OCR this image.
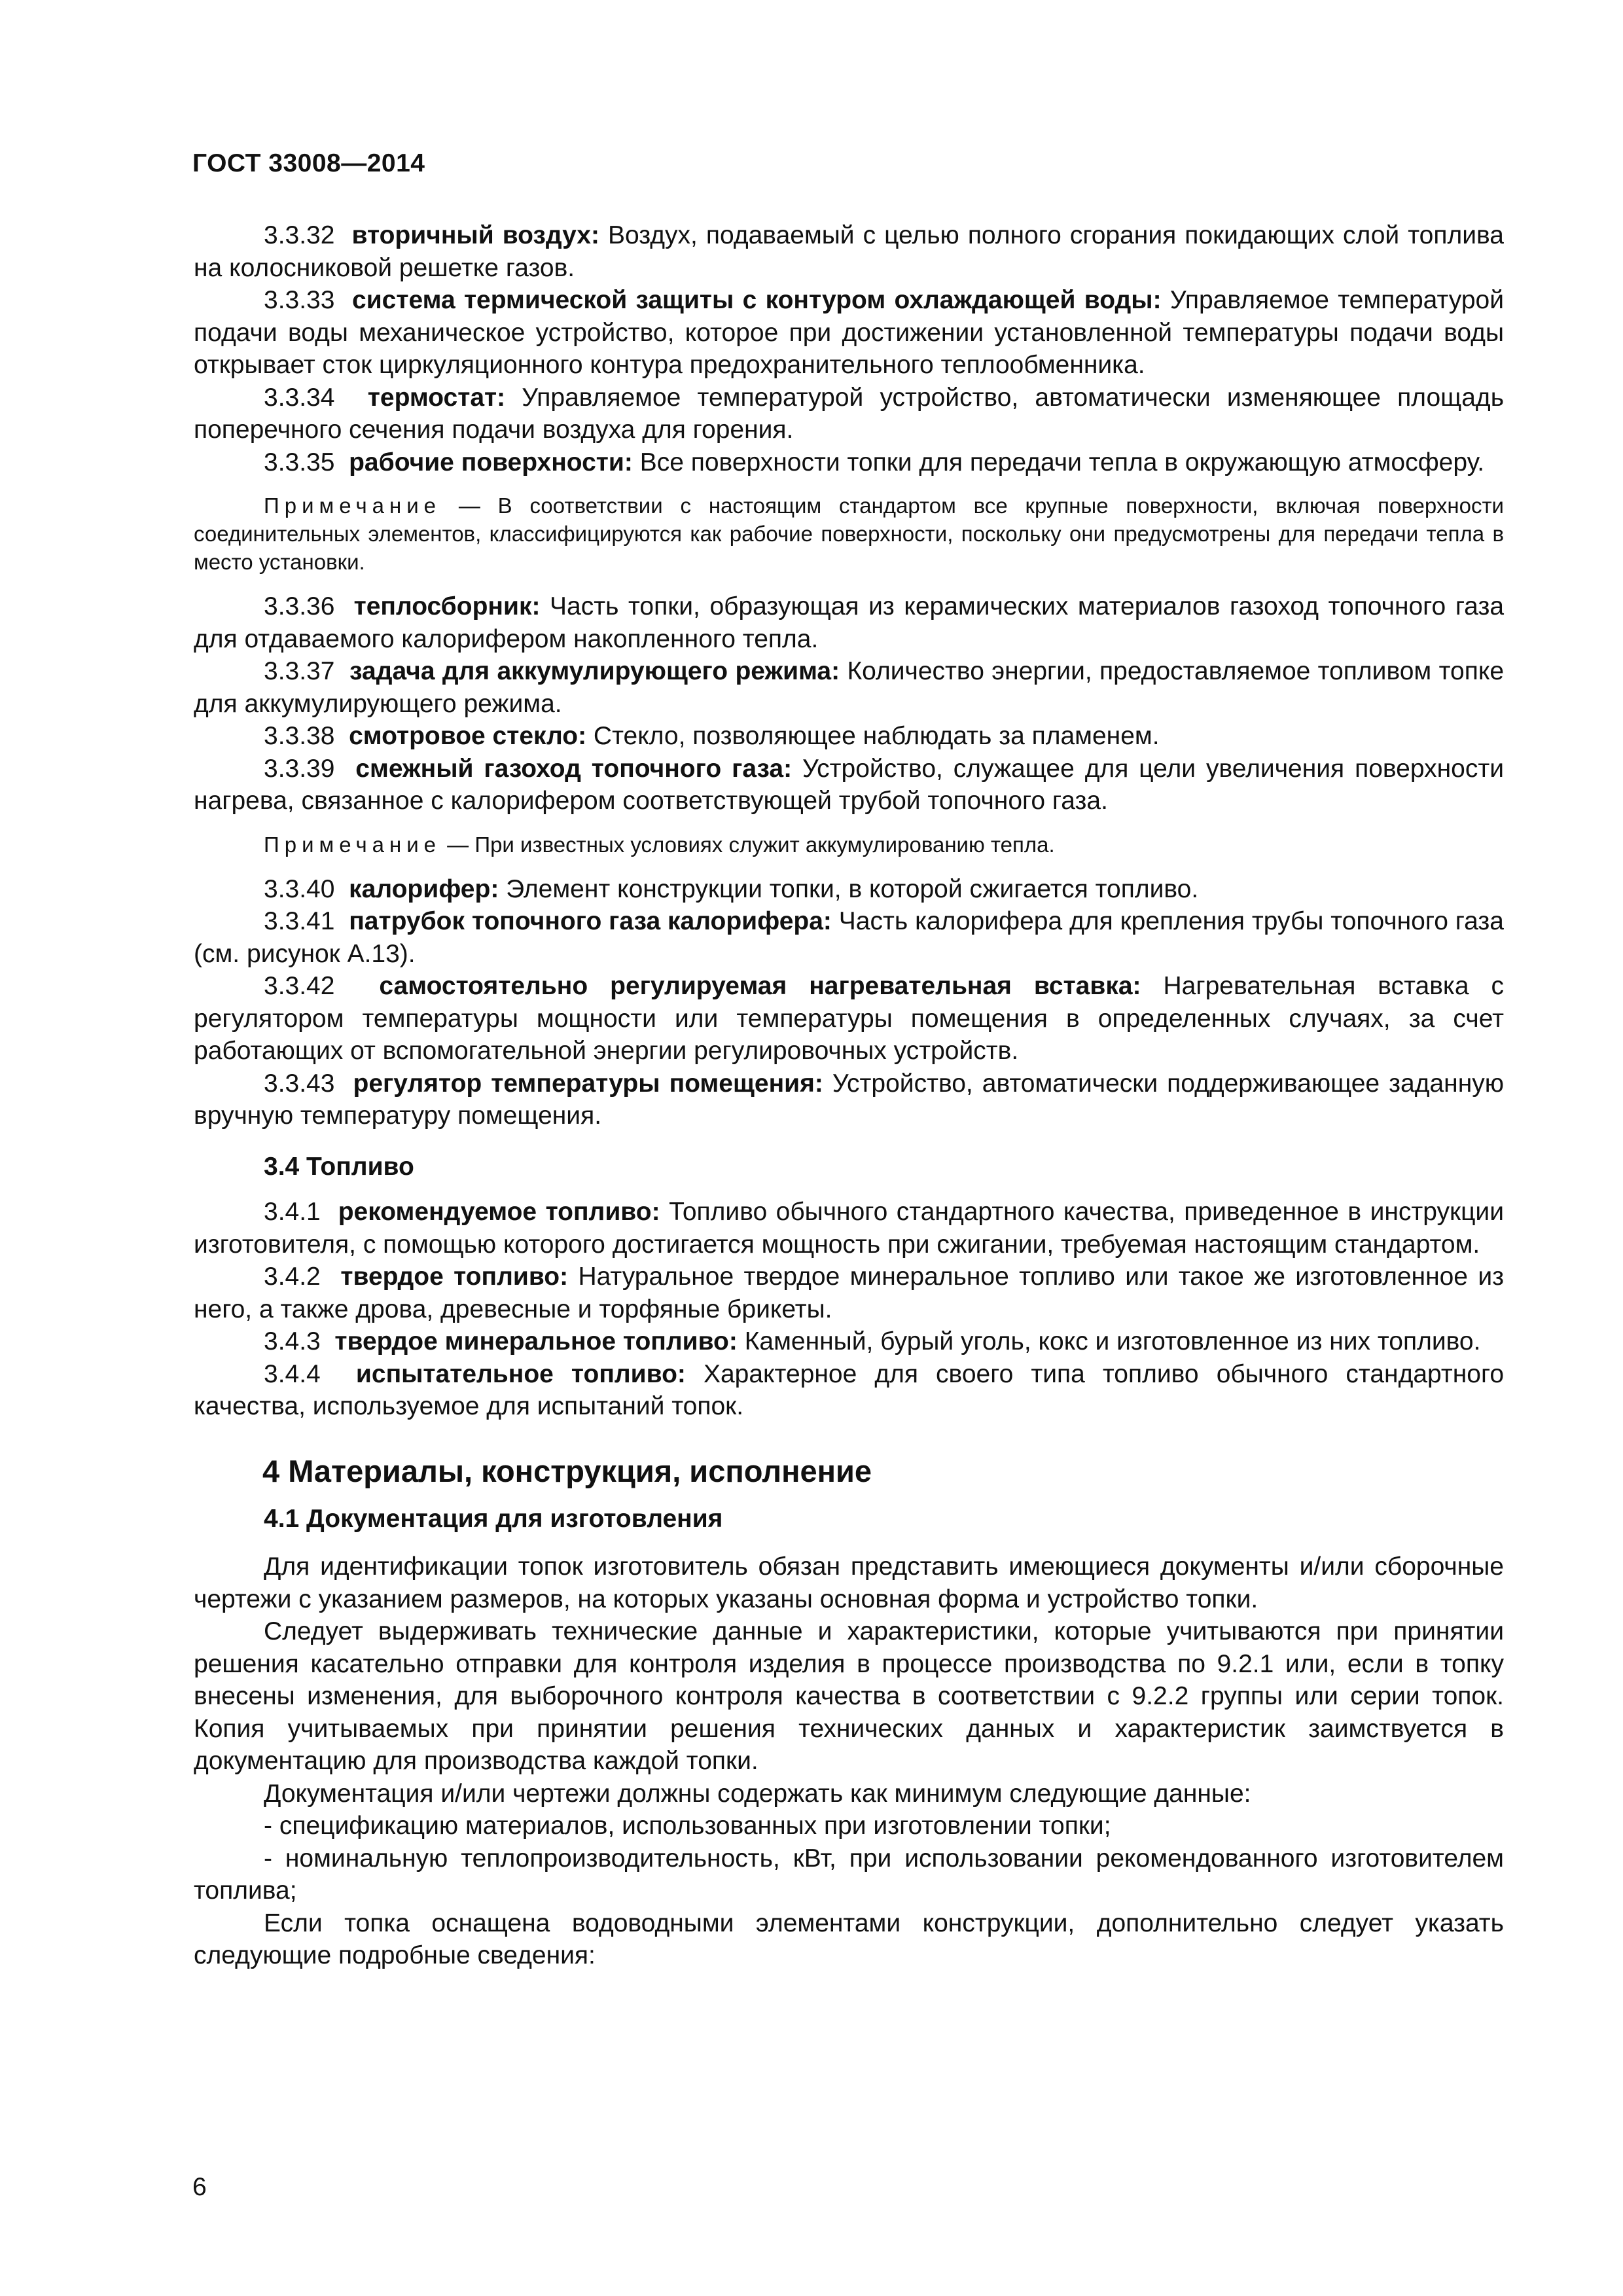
ГОСТ 33008—2014

3.3.32 вторичный воздух: Воздух, подаваемый с целью полного сгорания покидающих слой топлива на колосниковой решетке газов.

3.3.33 система термической защиты с контуром охлаждающей воды: Управляемое температурой подачи воды механическое устройство, которое при достижении установленной температуры подачи воды открывает сток циркуляционного контура предохранительного теплообменника.

3.3.34 термостат: Управляемое температурой устройство, автоматически изменяющее площадь поперечного сечения подачи воздуха для горения.

3.3.35 рабочие поверхности: Все поверхности топки для передачи тепла в окружающую атмосферу.

Примечание — В соответствии с настоящим стандартом все крупные поверхности, включая поверхности соединительных элементов, классифицируются как рабочие поверхности, поскольку они предусмотрены для передачи тепла в место установки.

3.3.36 теплосборник: Часть топки, образующая из керамических материалов газоход топочного газа для отдаваемого калорифером накопленного тепла.

3.3.37 задача для аккумулирующего режима: Количество энергии, предоставляемое топливом топке для аккумулирующего режима.

3.3.38 смотровое стекло: Стекло, позволяющее наблюдать за пламенем.

3.3.39 смежный газоход топочного газа: Устройство, служащее для цели увеличения поверхности нагрева, связанное с калорифером соответствующей трубой топочного газа.

Примечание — При известных условиях служит аккумулированию тепла.

3.3.40 калорифер: Элемент конструкции топки, в которой сжигается топливо.

3.3.41 патрубок топочного газа калорифера: Часть калорифера для крепления трубы топочного газа (см. рисунок А.13).

3.3.42 самостоятельно регулируемая нагревательная вставка: Нагревательная вставка с регулятором температуры мощности или температуры помещения в определенных случаях, за счет работающих от вспомогательной энергии регулировочных устройств.

3.3.43 регулятор температуры помещения: Устройство, автоматически поддерживающее заданную вручную температуру помещения.

3.4 Топливо

3.4.1 рекомендуемое топливо: Топливо обычного стандартного качества, приведенное в инструкции изготовителя, с помощью которого достигается мощность при сжигании, требуемая настоящим стандартом.

3.4.2 твердое топливо: Натуральное твердое минеральное топливо или такое же изготовленное из него, а также дрова, древесные и торфяные брикеты.

3.4.3 твердое минеральное топливо: Каменный, бурый уголь, кокс и изготовленное из них топливо.

3.4.4 испытательное топливо: Характерное для своего типа топливо обычного стандартного качества, используемое для испытаний топок.

4 Материалы, конструкция, исполнение

4.1 Документация для изготовления

Для идентификации топок изготовитель обязан представить имеющиеся документы и/или сборочные чертежи с указанием размеров, на которых указаны основная форма и устройство топки.

Следует выдерживать технические данные и характеристики, которые учитываются при принятии решения касательно отправки для контроля изделия в процессе производства по 9.2.1 или, если в топку внесены изменения, для выборочного контроля качества в соответствии с 9.2.2 группы или серии топок. Копия учитываемых при принятии решения технических данных и характеристик заимствуется в документацию для производства каждой топки.

Документация и/или чертежи должны содержать как минимум следующие данные:

- спецификацию материалов, использованных при изготовлении топки;

- номинальную теплопроизводительность, кВт, при использовании рекомендованного изготовителем топлива;

Если топка оснащена водоводными элементами конструкции, дополнительно следует указать следующие подробные сведения:

6
